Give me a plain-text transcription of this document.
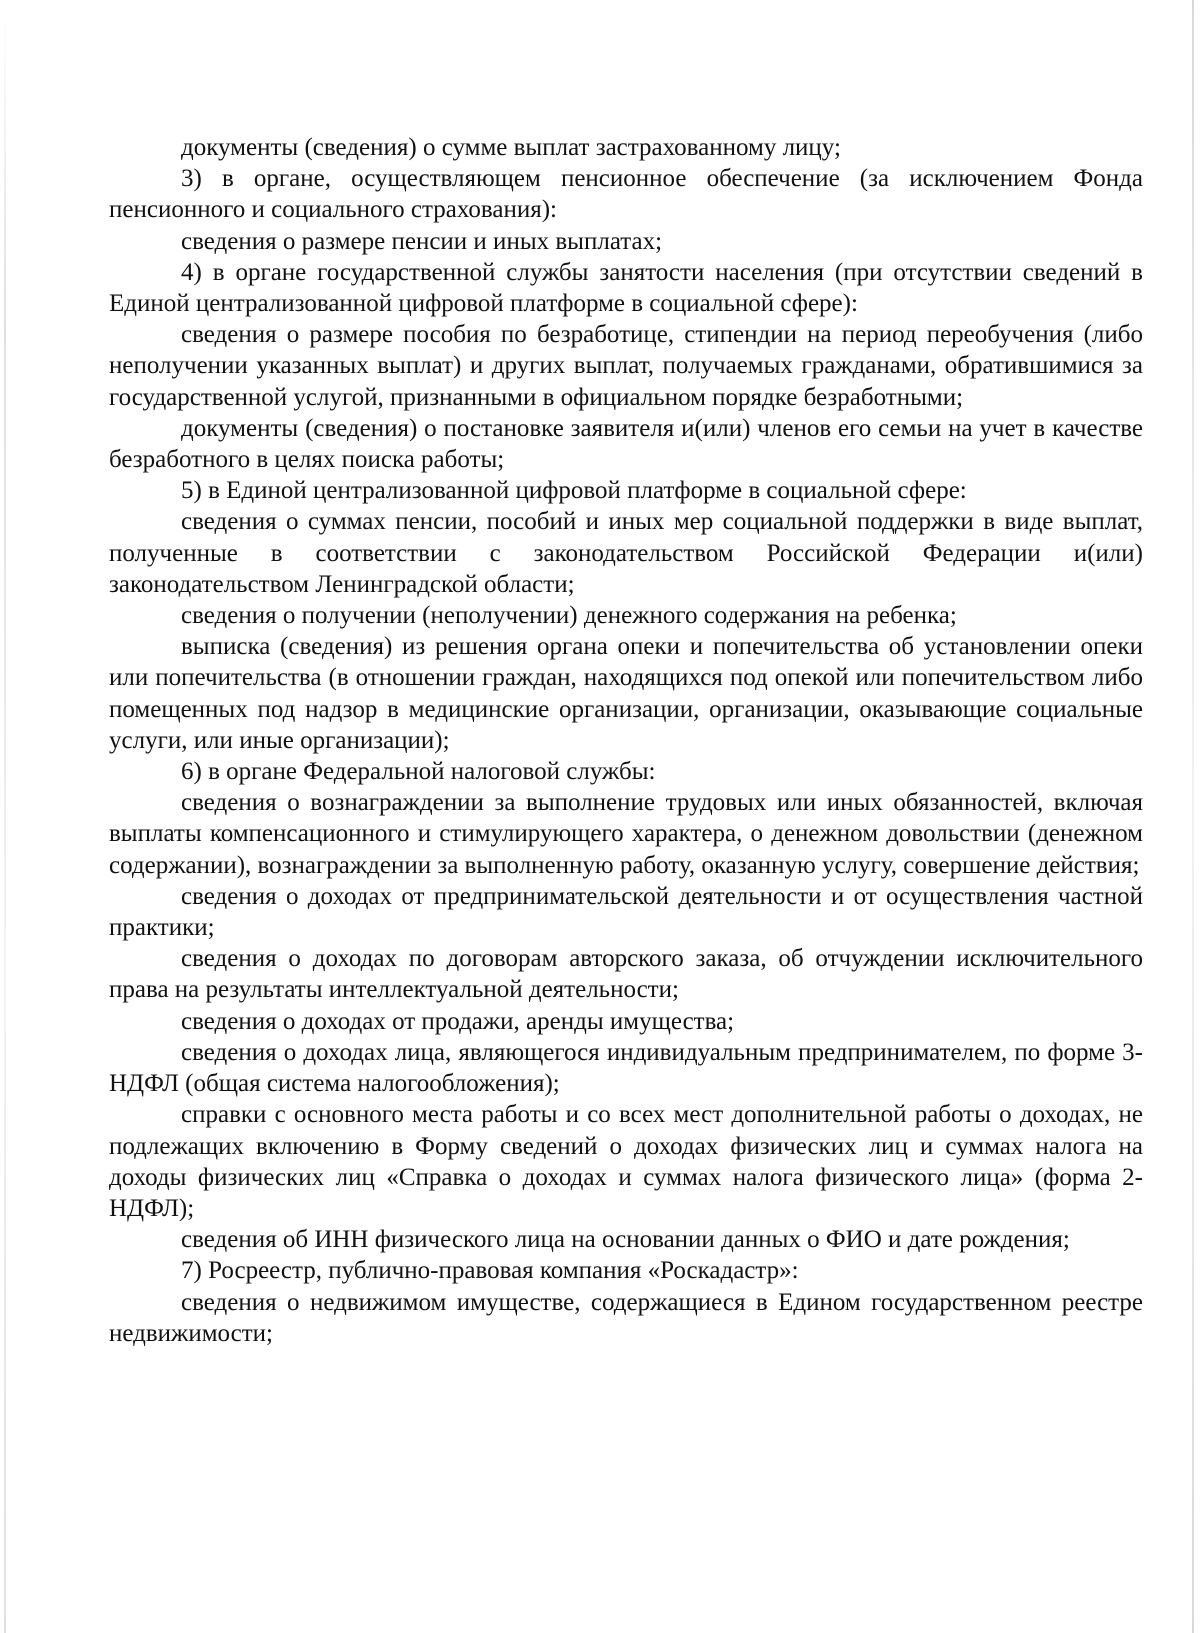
документы (сведения) о сумме выплат застрахованному лицу;

3) в органе, осуществляющем пенсионное обеспечение (за исключением Фонда пенсионного и социального страхования):

сведения о размере пенсии и иных выплатах;

4) в органе государственной службы занятости населения (при отсутствии сведений в Единой централизованной цифровой платформе в социальной сфере):

сведения о размере пособия по безработице, стипендии на период переобучения (либо неполучении указанных выплат) и других выплат, получаемых гражданами, обратившимися за государственной услугой, признанными в официальном порядке безработными;

документы (сведения) о постановке заявителя и(или) членов его семьи на учет в качестве безработного в целях поиска работы;

5) в Единой централизованной цифровой платформе в социальной сфере:

сведения о суммах пенсии, пособий и иных мер социальной поддержки в виде выплат, полученные в соответствии с законодательством Российской Федерации и(или) законодательством Ленинградской области;

сведения о получении (неполучении) денежного содержания на ребенка;

выписка (сведения) из решения органа опеки и попечительства об установлении опеки или попечительства (в отношении граждан, находящихся под опекой или попечительством либо помещенных под надзор в медицинские организации, организации, оказывающие социальные услуги, или иные организации);

6) в органе Федеральной налоговой службы:

сведения о вознаграждении за выполнение трудовых или иных обязанностей, включая выплаты компенсационного и стимулирующего характера, о денежном довольствии (денежном содержании), вознаграждении за выполненную работу, оказанную услугу, совершение действия;

сведения о доходах от предпринимательской деятельности и от осуществления частной практики;

сведения о доходах по договорам авторского заказа, об отчуждении исключительного права на результаты интеллектуальной деятельности;

сведения о доходах от продажи, аренды имущества;

сведения о доходах лица, являющегося индивидуальным предпринимателем, по форме 3-НДФЛ (общая система налогообложения);

справки с основного места работы и со всех мест дополнительной работы о доходах, не подлежащих включению в Форму сведений о доходах физических лиц и суммах налога на доходы физических лиц «Справка о доходах и суммах налога физического лица» (форма 2-НДФЛ);

сведения об ИНН физического лица на основании данных о ФИО и дате рождения;

7) Росреестр, публично-правовая компания «Роскадастр»:

сведения о недвижимом имуществе, содержащиеся в Едином государственном реестре недвижимости;
